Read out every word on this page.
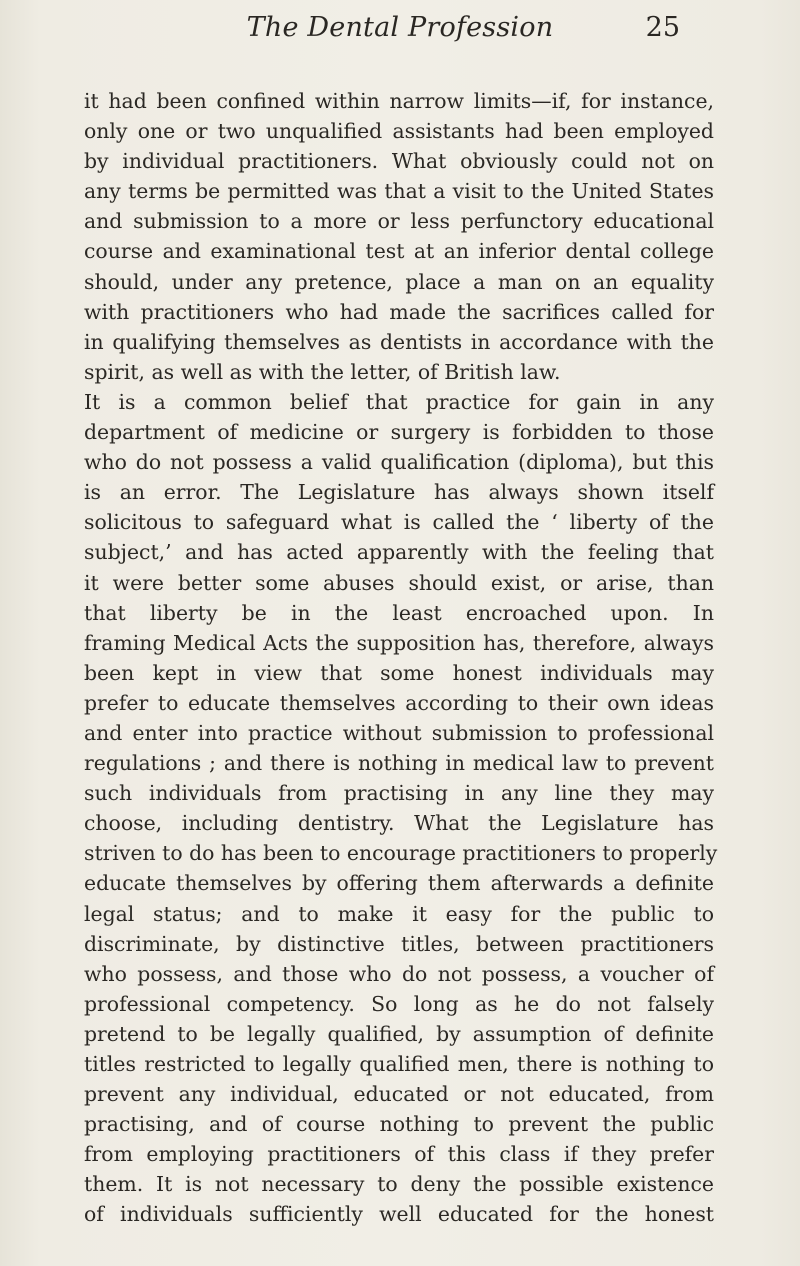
The Dental Profession	25
it had been confined within narrow limits—if, for instance,
only one or two unqualified assistants had been employed
by individual practitioners. What obviously could not on
any terms be permitted was that a visit to the United States
and submission to a more or less perfunctory educational
course and examinational test at an inferior dental college
should, under any pretence, place a man on an equality
with practitioners who had made the sacrifices called for
in qualifying themselves as dentists in accordance with the
spirit, as well as with the letter, of British law.
It is a common belief that practice for gain in any
department of medicine or surgery is forbidden to those
who do not possess a valid qualification (diploma), but this
is an error. The Legislature has always shown itself
solicitous to safeguard what is called the ‘ liberty of the
subject,’ and has acted apparently with the feeling that
it were better some abuses should exist, or arise, than
that liberty be in the least encroached upon. In
framing Medical Acts the supposition has, therefore, always
been kept in view that some honest individuals may
prefer to educate themselves according to their own ideas
and enter into practice without submission to professional
regulations ; and there is nothing in medical law to prevent
such individuals from practising in any line they may
choose, including dentistry. What the Legislature has
striven to do has been to encourage practitioners to properly
educate themselves by offering them afterwards a definite
legal status; and to make it easy for the public to
discriminate, by distinctive titles, between practitioners
who possess, and those who do not possess, a voucher of
professional competency. So long as he do not falsely
pretend to be legally qualified, by assumption of definite
titles restricted to legally qualified men, there is nothing to
prevent any individual, educated or not educated, from
practising, and of course nothing to prevent the public
from employing practitioners of this class if they prefer
them. It is not necessary to deny the possible existence
of individuals sufficiently well educated for the honest
